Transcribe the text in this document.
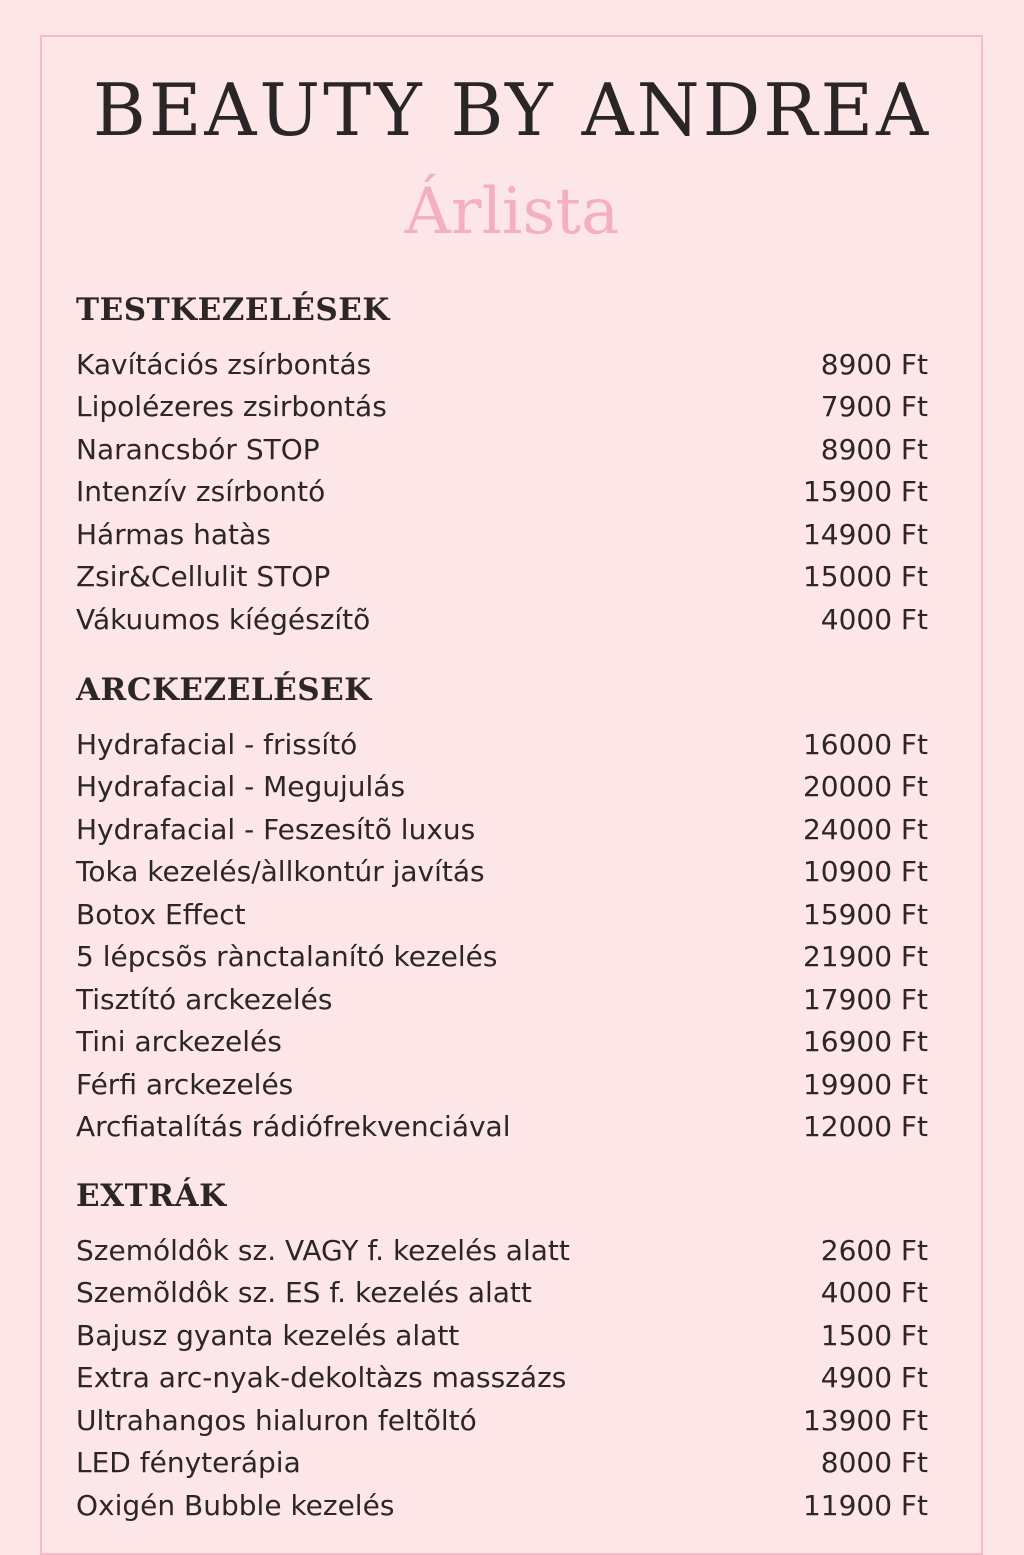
BEAUTY BY ANDREA
Árlista
TESTKEZELÉSEK
Kavítációs zsírbontás	8900 Ft
Lipolézeres zsirbontás	7900 Ft
Narancsbór STOP	8900 Ft
Intenzív zsírbontó	15900 Ft
Hármas hatàs	14900 Ft
Zsir&Cellulit STOP	15000 Ft
Vákuumos kíégészítõ	4000 Ft
ARCKEZELÉSEK
Hydrafacial - frissító	16000 Ft
Hydrafacial - Megujulás	20000 Ft
Hydrafacial - Feszesítõ luxus	24000 Ft
Toka kezelés/àllkontúr javítás	10900 Ft
Botox Effect	15900 Ft
5 lépcsõs rànctalanító kezelés	21900 Ft
Tisztító arckezelés	17900 Ft
Tini arckezelés	16900 Ft
Férfi arckezelés	19900 Ft
Arcfiatalítás rádiófrekvenciával	12000 Ft
EXTRÁK
Szemóldôk sz. VAGY f. kezelés alatt	2600 Ft
Szemõldôk sz. ES f. kezelés alatt	4000 Ft
Bajusz gyanta kezelés alatt	1500 Ft
Extra arc-nyak-dekoltàzs masszázs	4900 Ft
Ultrahangos hialuron feltõltó	13900 Ft
LED fényterápia	8000 Ft
Oxigén Bubble kezelés	11900 Ft
